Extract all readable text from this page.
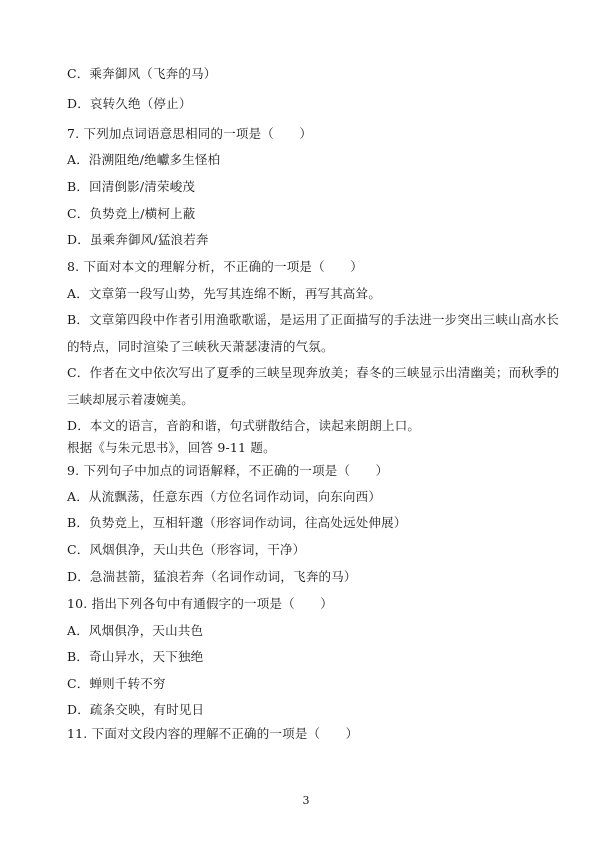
C．乘奔御风（飞奔的马）
D．哀转久绝（停止）
7. 下列加点词语意思相同的一项是（　　）
A．沿溯阻绝/绝巘多生怪柏
B．回清倒影/清荣峻茂
C．负势竞上/横柯上蔽
D．虽乘奔御风/猛浪若奔
8. 下面对本文的理解分析，不正确的一项是（　　）
A．文章第一段写山势，先写其连绵不断，再写其高耸。
B．文章第四段中作者引用渔歌歌谣，是运用了正面描写的手法进一步突出三峡山高水长
的特点，同时渲染了三峡秋天萧瑟凄清的气氛。
C．作者在文中依次写出了夏季的三峡呈现奔放美；春冬的三峡显示出清幽美；而秋季的
三峡却展示着凄婉美。
D．本文的语言，音韵和谐，句式骈散结合，读起来朗朗上口。
根据《与朱元思书》，回答 9-11 题。
9. 下列句子中加点的词语解释，不正确的一项是（　　）
A．从流飘荡，任意东西（方位名词作动词，向东向西）
B．负势竞上，互相轩邈（形容词作动词，往高处远处伸展）
C．风烟俱净，天山共色（形容词，干净）
D．急湍甚箭，猛浪若奔（名词作动词，飞奔的马）
10. 指出下列各句中有通假字的一项是（　　）
A．风烟俱净，天山共色
B．奇山异水，天下独绝
C．蝉则千转不穷
D．疏条交映，有时见日
11. 下面对文段内容的理解不正确的一项是（　　）
3
